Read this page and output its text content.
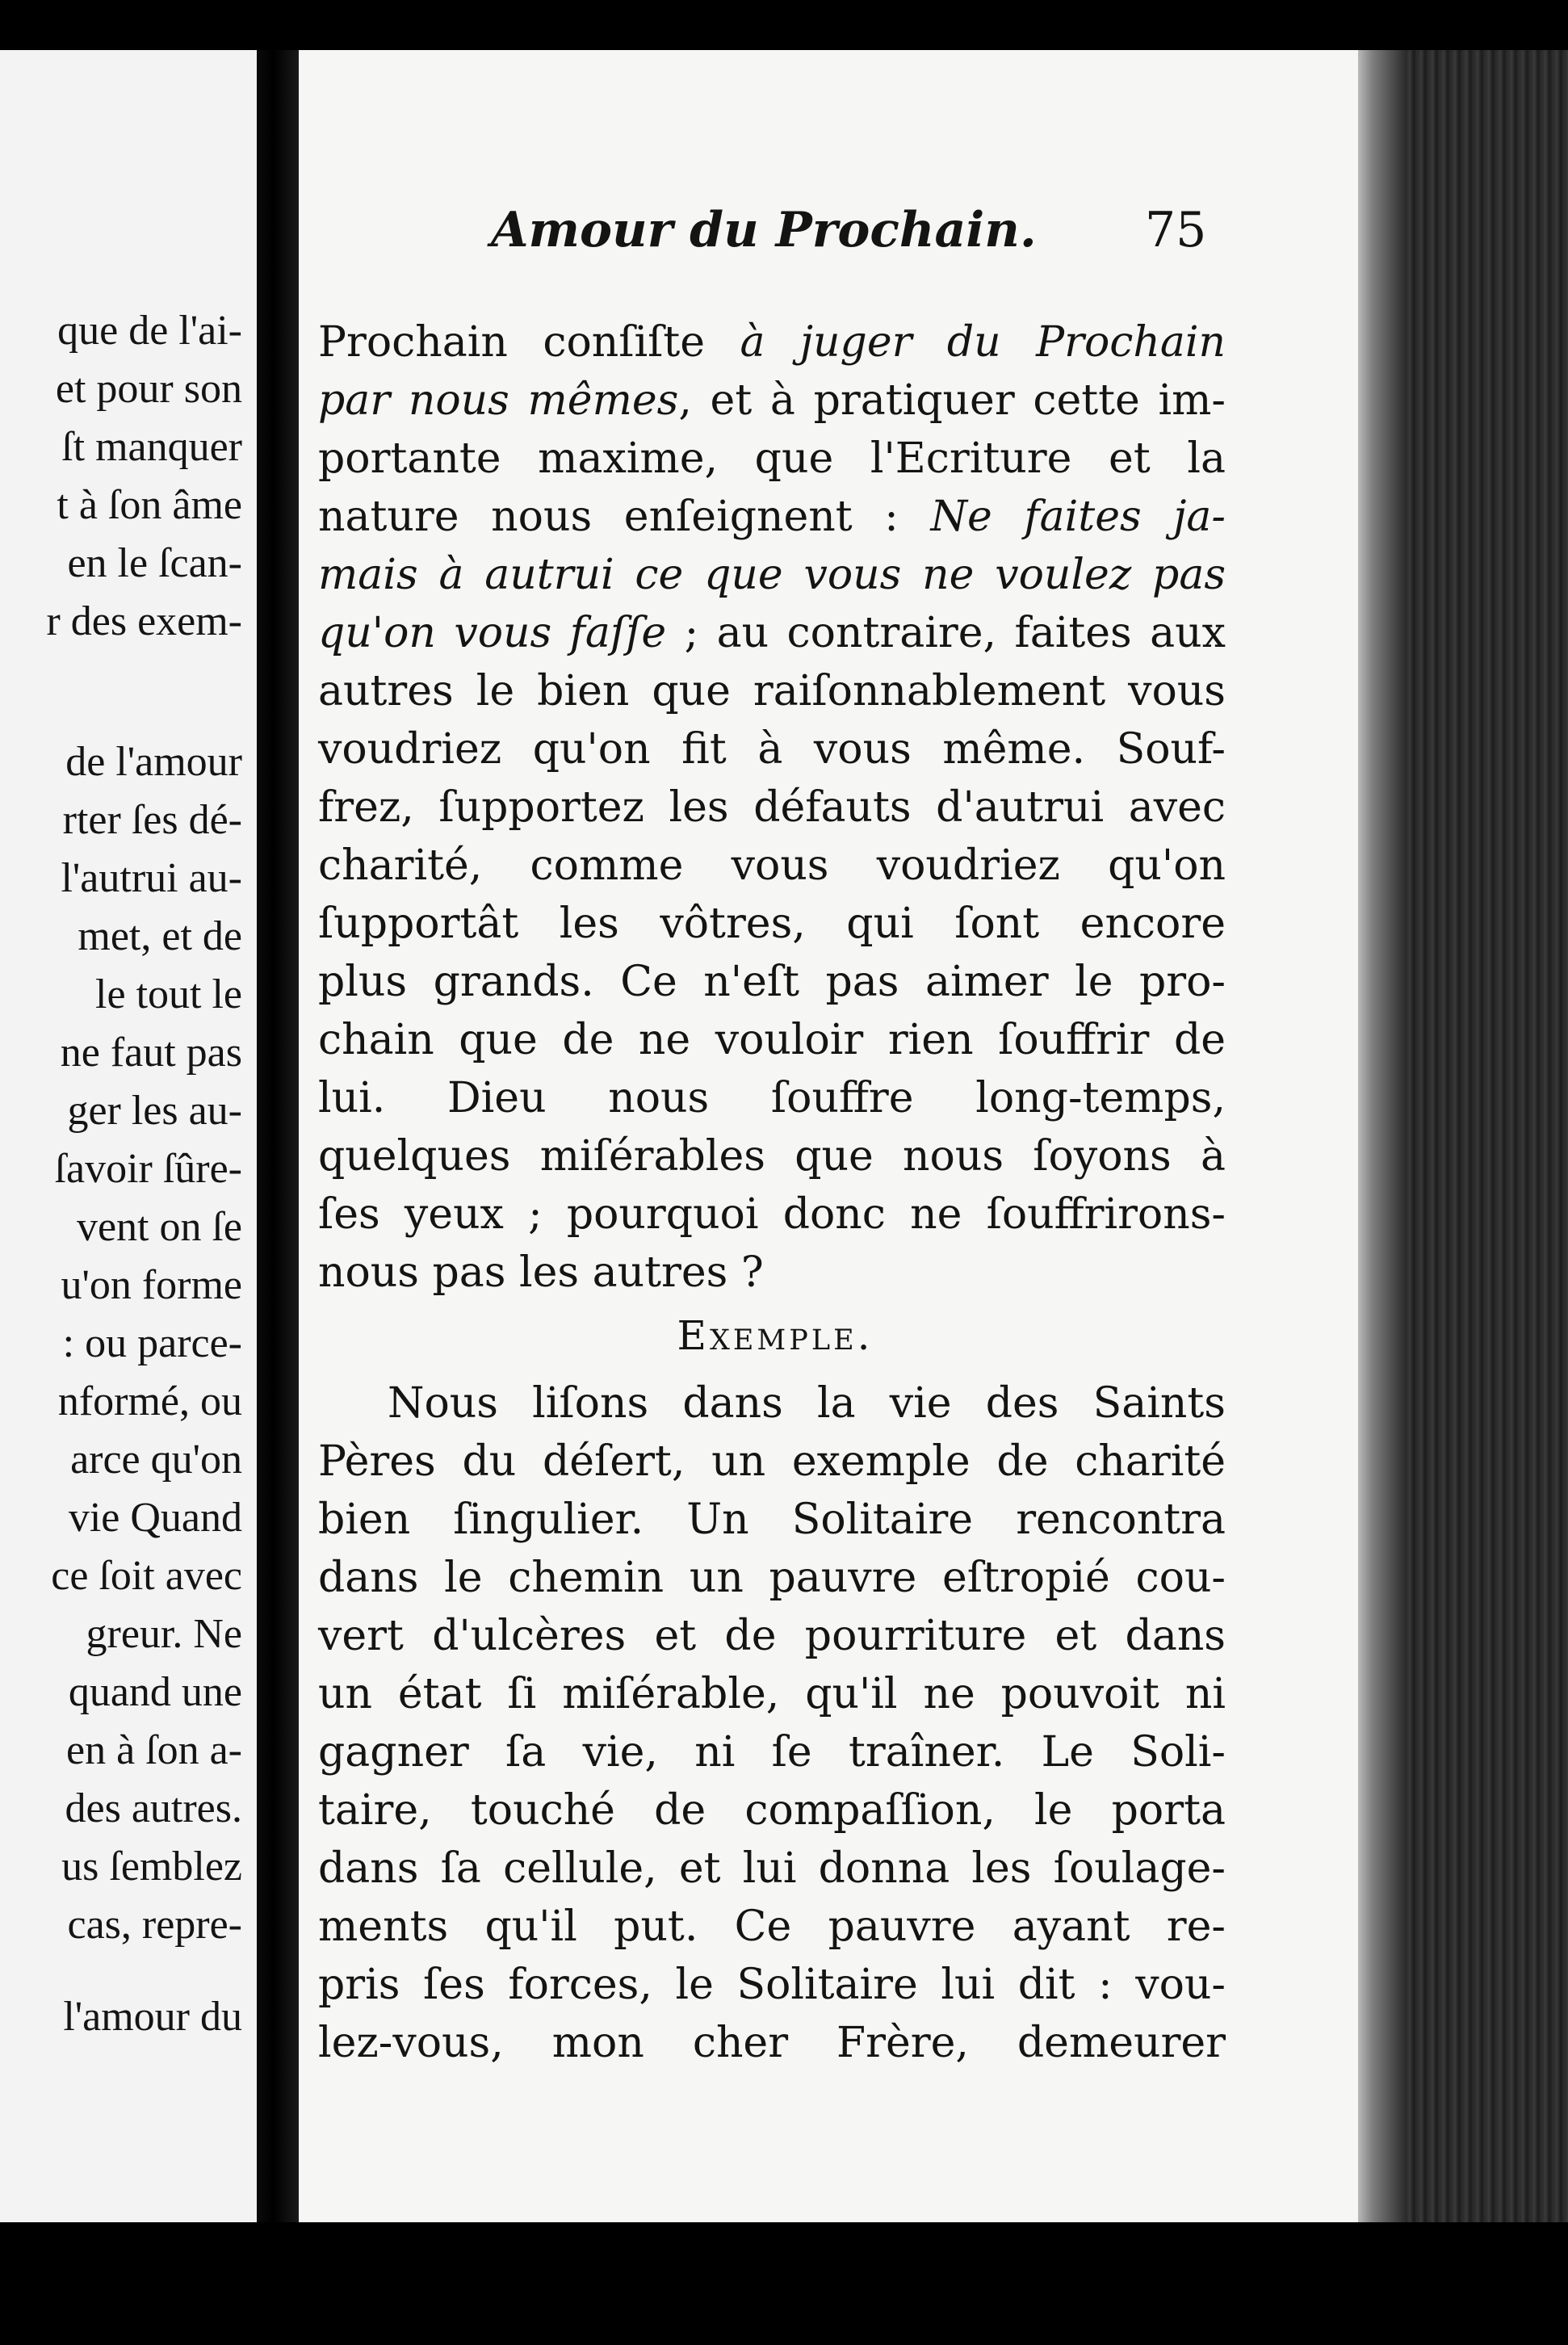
que de l'ai-
et pour son
ſt manquer
t à ſon âme
en le ſcan-
r des exem-
de l'amour
rter ſes dé-
l'autrui au-
met, et de
le tout le
ne faut pas
ger les au-
ſavoir ſûre-
vent on ſe
u'on forme
: ou parce-
nformé, ou
arce qu'on
vie Quand
ce ſoit avec
greur. Ne
quand une
en à ſon a-
des autres.
us ſemblez
cas, repre-
l'amour du
Amour du Prochain. 75
Prochain conſiſte à juger du Prochain
par nous mêmes, et à pratiquer cette im-
portante maxime, que l'Ecriture et la
nature nous enſeignent : Ne faites ja-
mais à autrui ce que vous ne voulez pas
qu'on vous faſſe ; au contraire, faites aux
autres le bien que raiſonnablement vous
voudriez qu'on fit à vous même. Souf-
frez, ſupportez les défauts d'autrui avec
charité, comme vous voudriez qu'on
ſupportât les vôtres, qui ſont encore
plus grands. Ce n'eſt pas aimer le pro-
chain que de ne vouloir rien ſouffrir de
lui. Dieu nous ſouffre long-temps,
quelques miſérables que nous ſoyons à
ſes yeux ; pourquoi donc ne ſouffrirons-
nous pas les autres ?
Exemple.
Nous liſons dans la vie des Saints
Pères du déſert, un exemple de charité
bien ſingulier. Un Solitaire rencontra
dans le chemin un pauvre eſtropié cou-
vert d'ulcères et de pourriture et dans
un état ſi miſérable, qu'il ne pouvoit ni
gagner ſa vie, ni ſe traîner. Le Soli-
taire, touché de compaſſion, le porta
dans ſa cellule, et lui donna les ſoulage-
ments qu'il put. Ce pauvre ayant re-
pris ſes forces, le Solitaire lui dit : vou-
lez-vous, mon cher Frère, demeurer
